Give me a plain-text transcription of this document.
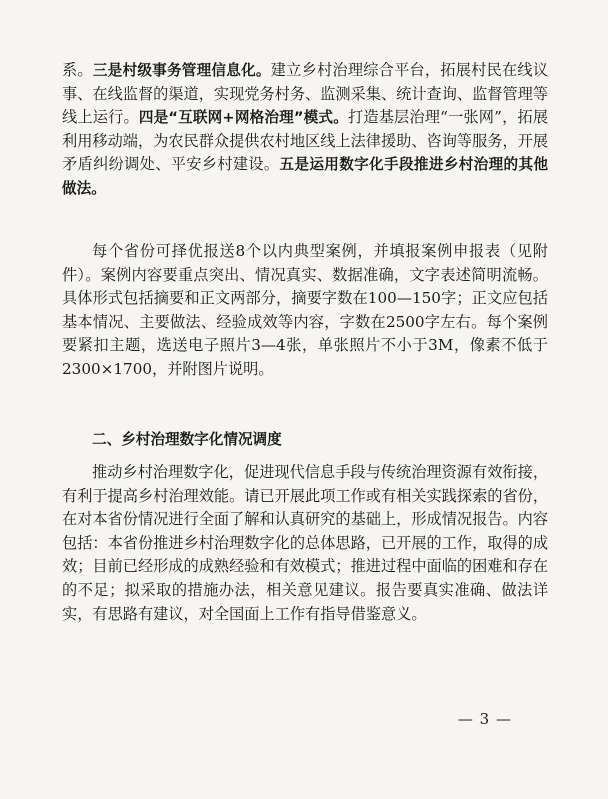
系。三是村级事务管理信息化。建立乡村治理综合平台，拓展村民在线议事、在线监督的渠道，实现党务村务、监测采集、统计查询、监督管理等线上运行。四是“互联网+网格治理”模式。打造基层治理“一张网”，拓展利用移动端，为农民群众提供农村地区线上法律援助、咨询等服务，开展矛盾纠纷调处、平安乡村建设。五是运用数字化手段推进乡村治理的其他做法。

每个省份可择优报送8个以内典型案例，并填报案例申报表（见附件）。案例内容要重点突出、情况真实、数据准确，文字表述简明流畅。具体形式包括摘要和正文两部分，摘要字数在100—150字；正文应包括基本情况、主要做法、经验成效等内容，字数在2500字左右。每个案例要紧扣主题，选送电子照片3—4张，单张照片不小于3M，像素不低于2300×1700，并附图片说明。

二、乡村治理数字化情况调度

推动乡村治理数字化，促进现代信息手段与传统治理资源有效衔接，有利于提高乡村治理效能。请已开展此项工作或有相关实践探索的省份，在对本省份情况进行全面了解和认真研究的基础上，形成情况报告。内容包括：本省份推进乡村治理数字化的总体思路，已开展的工作，取得的成效；目前已经形成的成熟经验和有效模式；推进过程中面临的困难和存在的不足；拟采取的措施办法，相关意见建议。报告要真实准确、做法详实，有思路有建议，对全国面上工作有指导借鉴意义。

— 3 —
